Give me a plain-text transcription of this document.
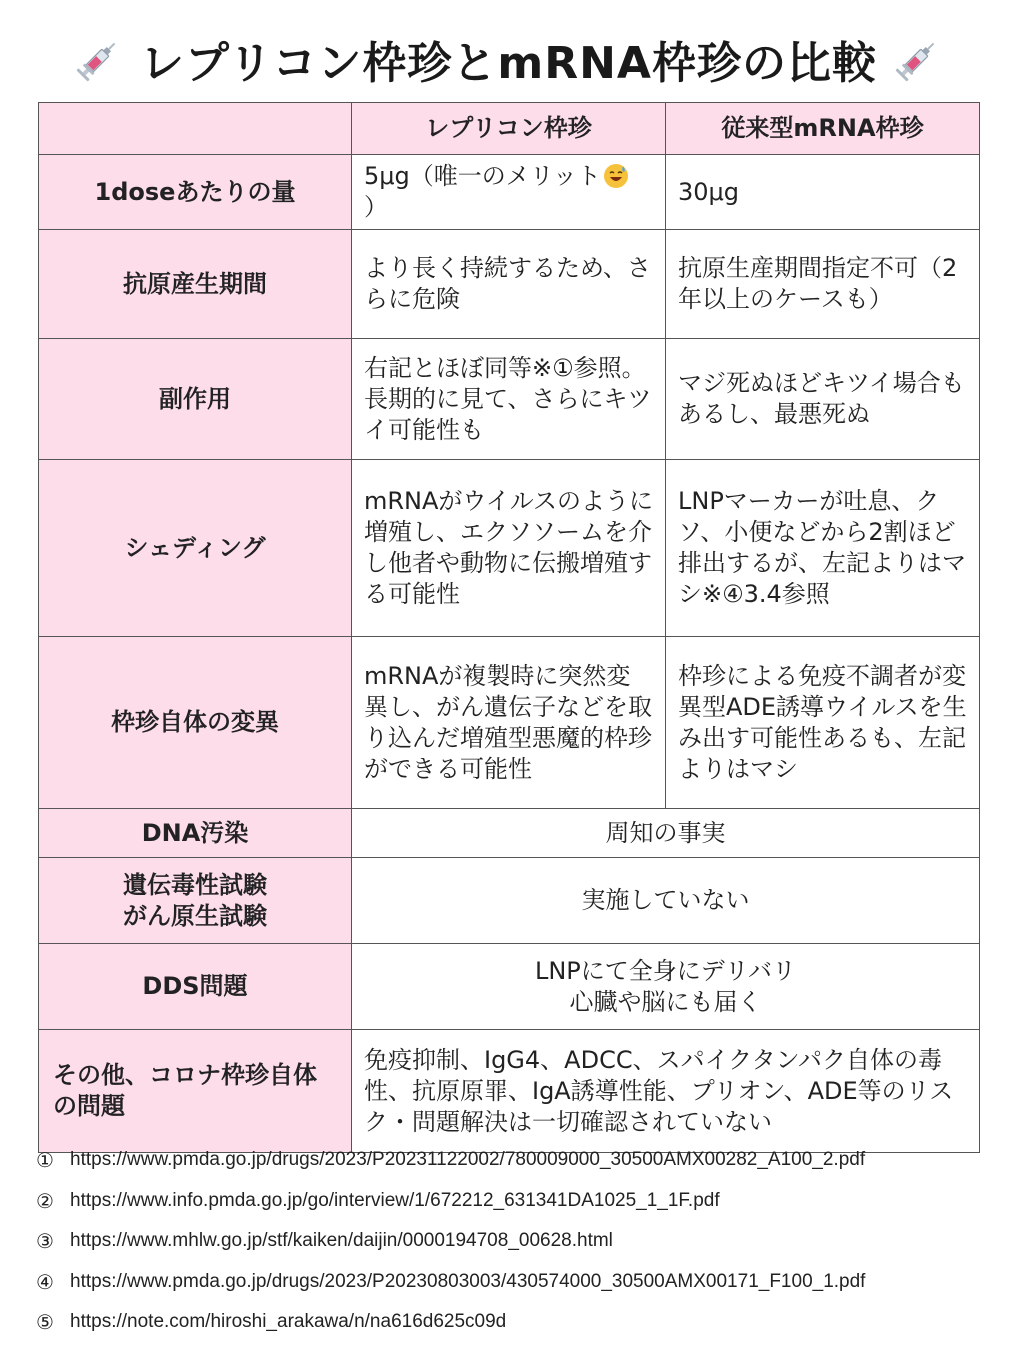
レプリコン枠珍とmRNA枠珍の比較
	レプリコン枠珍	従来型mRNA枠珍
1doseあたりの量	5μg（唯一のメリット）	30μg
抗原産生期間	より長く持続するため、さらに危険	抗原生産期間指定不可（2年以上のケースも）
副作用	右記とほぼ同等※①参照。長期的に見て、さらにキツイ可能性も	マジ死ぬほどキツイ場合もあるし、最悪死ぬ
シェディング	mRNAがウイルスのように増殖し、エクソソームを介し他者や動物に伝搬増殖する可能性	LNPマーカーが吐息、クソ、小便などから2割ほど排出するが、左記よりはマシ※④3.4参照
枠珍自体の変異	mRNAが複製時に突然変異し、がん遺伝子などを取り込んだ増殖型悪魔的枠珍ができる可能性	枠珍による免疫不調者が変異型ADE誘導ウイルスを生み出す可能性あるも、左記よりはマシ
DNA汚染	周知の事実	
遺伝毒性試験
がん原生試験	実施していない	
DDS問題	LNPにて全身にデリバリ
心臓や脳にも届く	
その他、コロナ枠珍自体の問題	免疫抑制、IgG4、ADCC、スパイクタンパク自体の毒性、抗原原罪、IgA誘導性能、プリオン、ADE等のリスク・問題解決は一切確認されていない	
① https://www.pmda.go.jp/drugs/2023/P20231122002/780009000_30500AMX00282_A100_2.pdf
② https://www.info.pmda.go.jp/go/interview/1/672212_631341DA1025_1_1F.pdf
③ https://www.mhlw.go.jp/stf/kaiken/daijin/0000194708_00628.html
④ https://www.pmda.go.jp/drugs/2023/P20230803003/430574000_30500AMX00171_F100_1.pdf
⑤ https://note.com/hiroshi_arakawa/n/na616d625c09d
